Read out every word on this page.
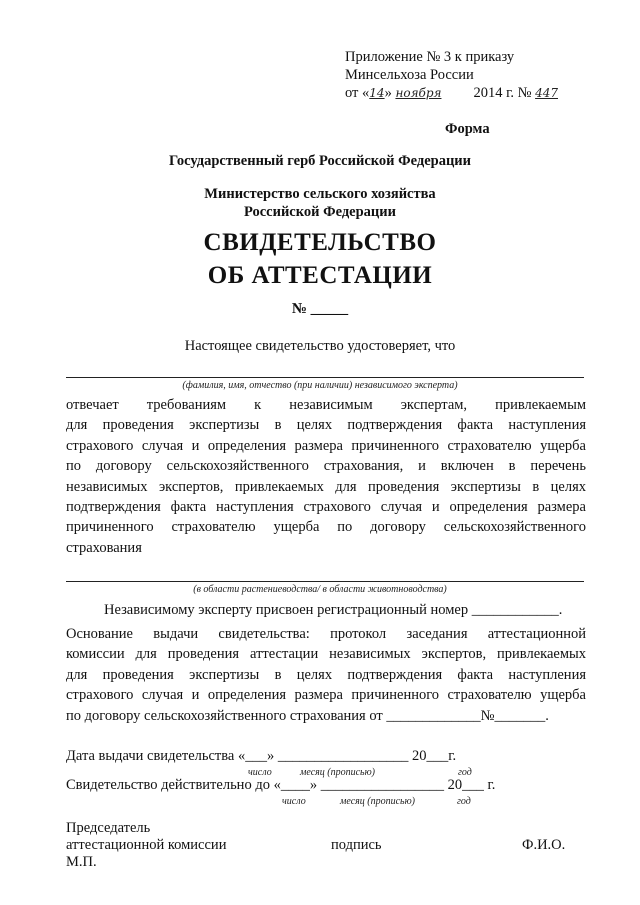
Приложение № 3 к приказу
Минсельхоза России
от «14» ноября 2014 г. № 447
Форма
Государственный герб Российской Федерации
Министерство сельского хозяйства
Российской Федерации
СВИДЕТЕЛЬСТВО
ОБ АТТЕСТАЦИИ
№ _____
Настоящее свидетельство удостоверяет, что
(фамилия, имя, отчество (при наличии) независимого эксперта)
отвечает требованиям к независимым экспертам, привлекаемым
для проведения экспертизы в целях подтверждения факта наступления
страхового случая и определения размера причиненного страхователю ущерба
по договору сельскохозяйственного страхования, и включен в перечень
независимых экспертов, привлекаемых для проведения экспертизы в целях
подтверждения факта наступления страхового случая и определения размера
причиненного страхователю ущерба по договору сельскохозяйственного
страхования
(в области растениеводства/ в области животноводства)
Независимому эксперту присвоен регистрационный номер ____________.
Основание выдачи свидетельства: протокол заседания аттестационной
комиссии для проведения аттестации независимых экспертов, привлекаемых
для проведения экспертизы в целях подтверждения факта наступления
страхового случая и определения размера причиненного страхователю ущерба
по договору сельскохозяйственного страхования от _____________№_______.
Дата выдачи свидетельства «___» __________________ 20___г.
число	месяц (прописью)	год
Свидетельство действительно до «____» _________________ 20___ г.
число	месяц (прописью)	год
Председатель
аттестационной комиссии	подпись	Ф.И.О.
М.П.
